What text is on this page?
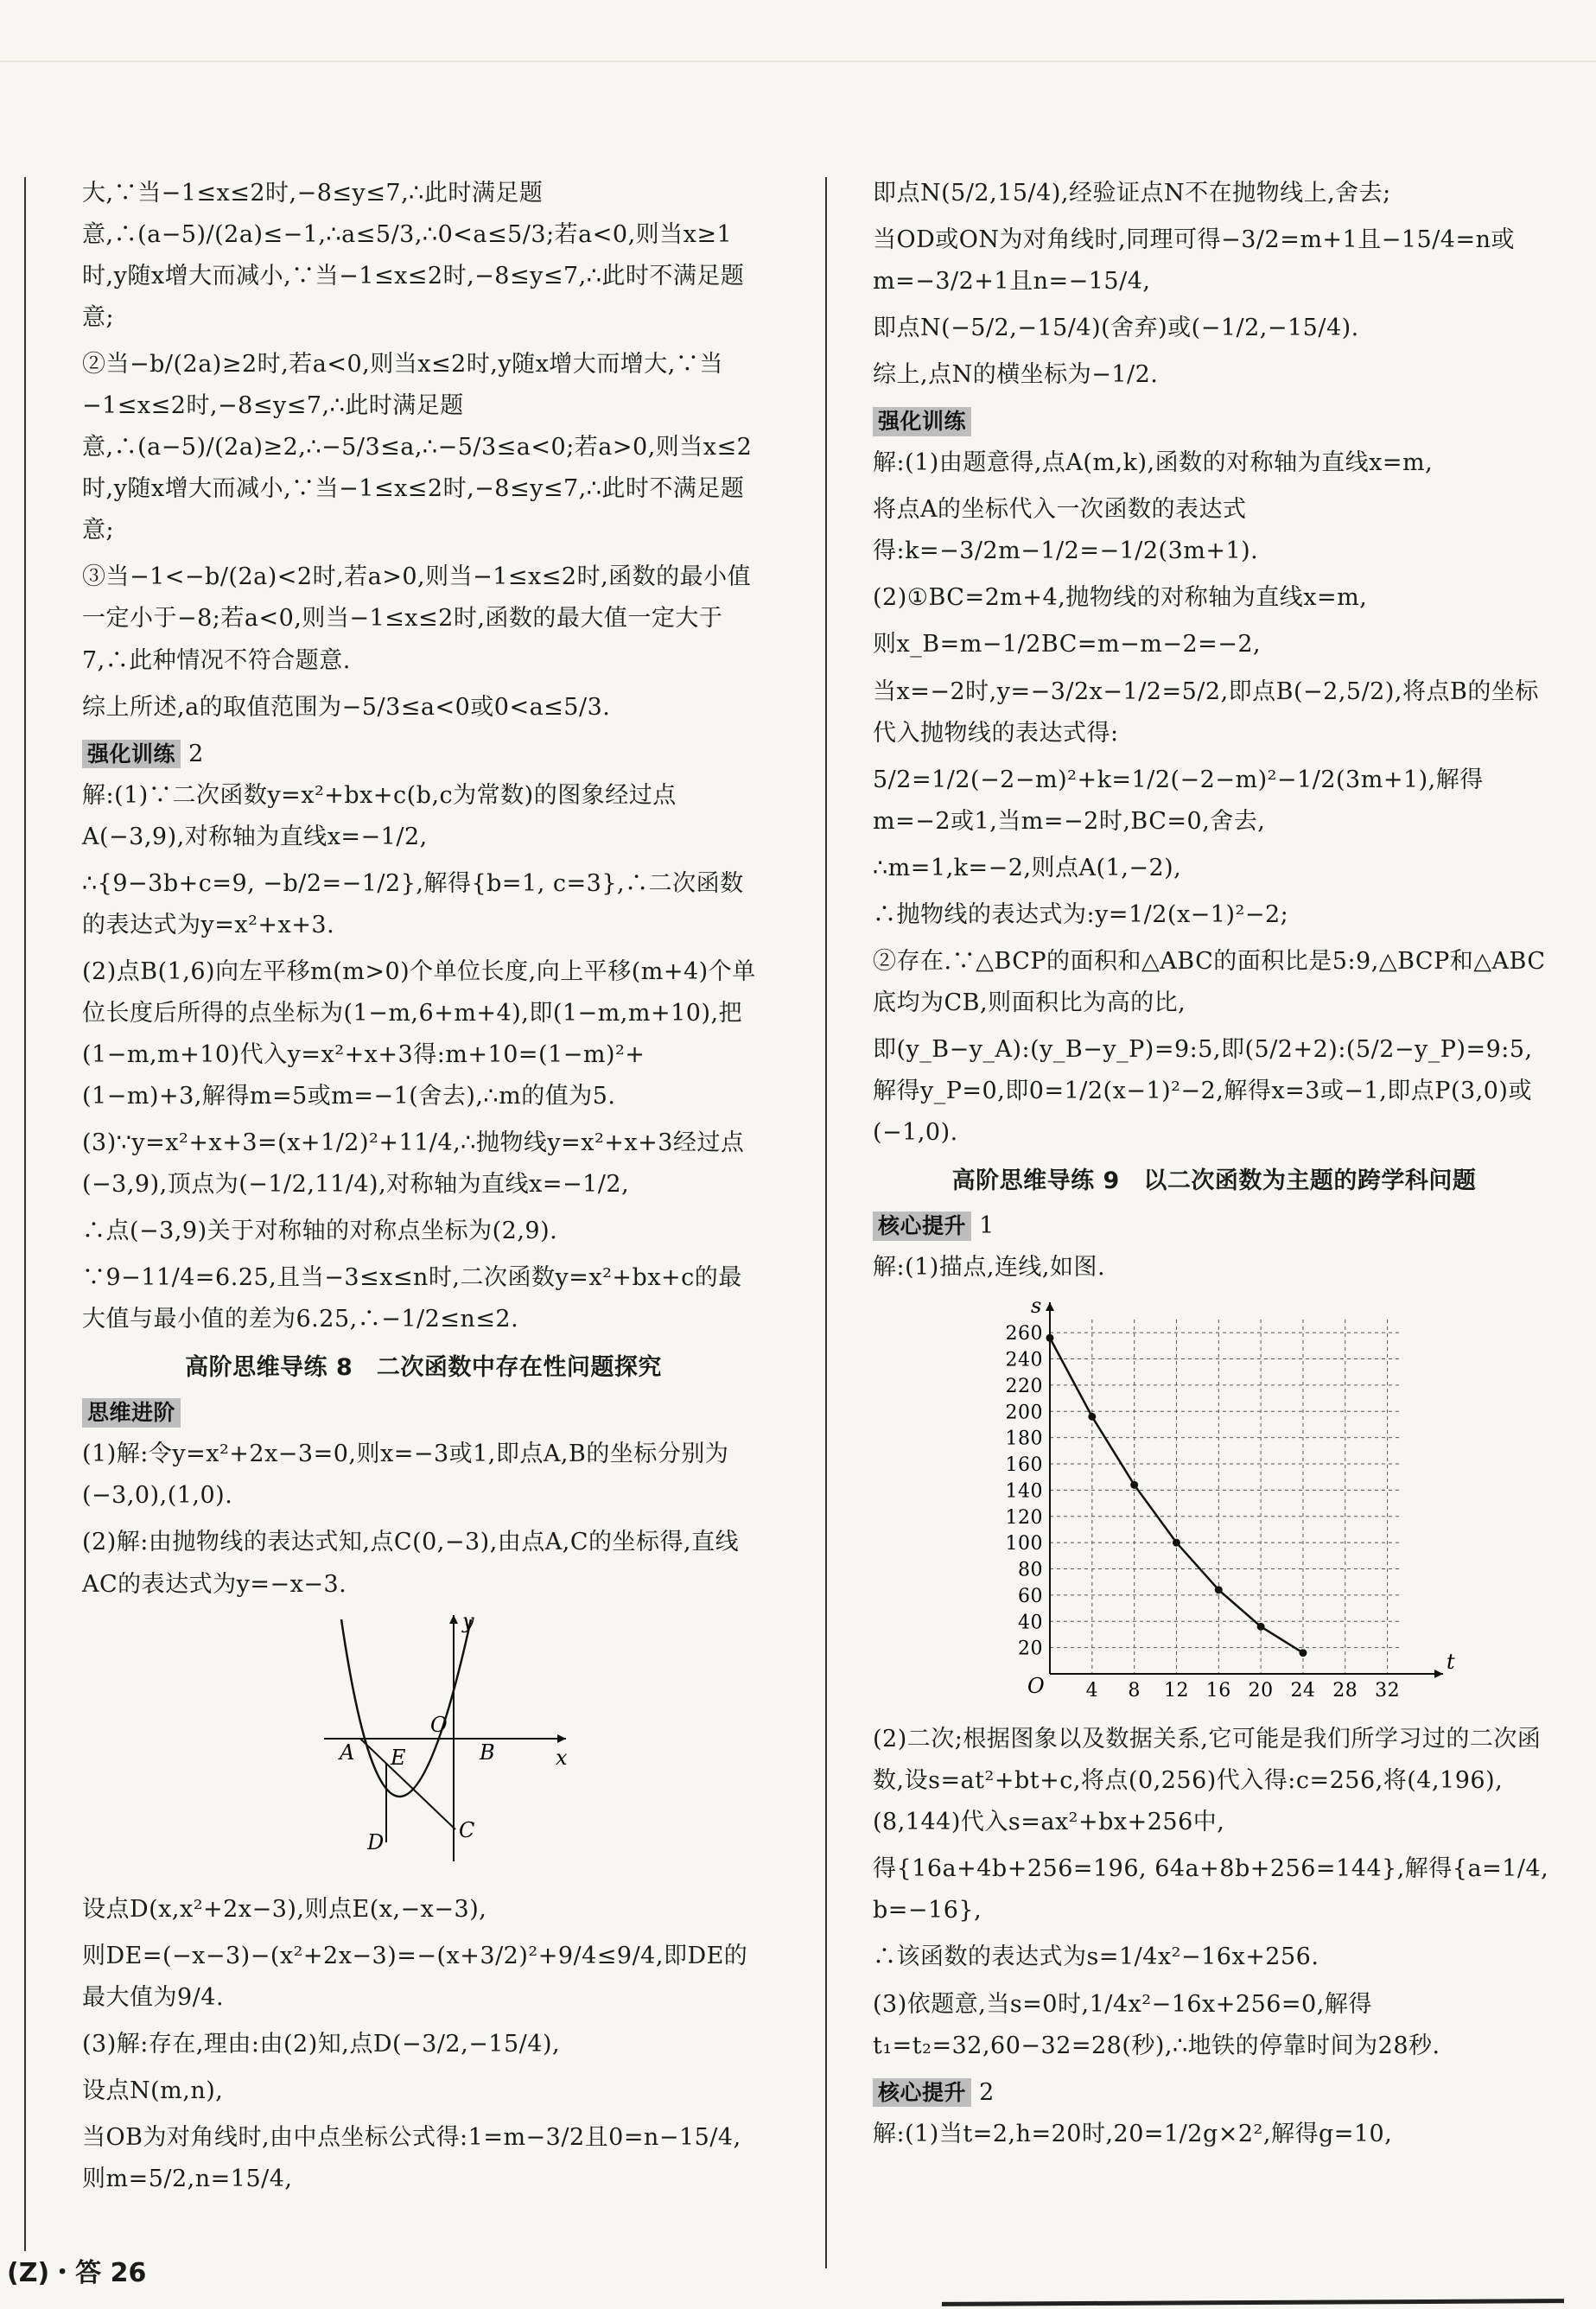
大,∵当−1≤x≤2时,−8≤y≤7,∴此时满足题意,∴(a−5)/(2a)≤−1,∴a≤5/3,∴0<a≤5/3;若a<0,则当x≥1时,y随x增大而减小,∵当−1≤x≤2时,−8≤y≤7,∴此时不满足题意;

②当−b/(2a)≥2时,若a<0,则当x≤2时,y随x增大而增大,∵当−1≤x≤2时,−8≤y≤7,∴此时满足题意,∴(a−5)/(2a)≥2,∴−5/3≤a,∴−5/3≤a<0;若a>0,则当x≤2时,y随x增大而减小,∵当−1≤x≤2时,−8≤y≤7,∴此时不满足题意;

③当−1<−b/(2a)<2时,若a>0,则当−1≤x≤2时,函数的最小值一定小于−8;若a<0,则当−1≤x≤2时,函数的最大值一定大于7,∴此种情况不符合题意.

综上所述,a的取值范围为−5/3≤a<0或0<a≤5/3.

强化训练 2

解:(1)∵二次函数y=x²+bx+c(b,c为常数)的图象经过点A(−3,9),对称轴为直线x=−1/2,

∴{9−3b+c=9, −b/2=−1/2},解得{b=1, c=3},∴二次函数的表达式为y=x²+x+3.

(2)点B(1,6)向左平移m(m>0)个单位长度,向上平移(m+4)个单位长度后所得的点坐标为(1−m,6+m+4),即(1−m,m+10),把(1−m,m+10)代入y=x²+x+3得:m+10=(1−m)²+(1−m)+3,解得m=5或m=−1(舍去),∴m的值为5.

(3)∵y=x²+x+3=(x+1/2)²+11/4,∴抛物线y=x²+x+3经过点(−3,9),顶点为(−1/2,11/4),对称轴为直线x=−1/2,

∴点(−3,9)关于对称轴的对称点坐标为(2,9).

∵9−11/4=6.25,且当−3≤x≤n时,二次函数y=x²+bx+c的最大值与最小值的差为6.25,∴−1/2≤n≤2.

高阶思维导练 8　二次函数中存在性问题探究
思维进阶

(1)解:令y=x²+2x−3=0,则x=−3或1,即点A,B的坐标分别为(−3,0),(1,0).

(2)解:由抛物线的表达式知,点C(0,−3),由点A,C的坐标得,直线AC的表达式为y=−x−3.

y
x
O
A	B
E
D	C

设点D(x,x²+2x−3),则点E(x,−x−3),

则DE=(−x−3)−(x²+2x−3)=−(x+3/2)²+9/4≤9/4,即DE的最大值为9/4.

(3)解:存在,理由:由(2)知,点D(−3/2,−15/4),

设点N(m,n),

当OB为对角线时,由中点坐标公式得:1=m−3/2且0=n−15/4,则m=5/2,n=15/4,

即点N(5/2,15/4),经验证点N不在抛物线上,舍去;

当OD或ON为对角线时,同理可得−3/2=m+1且−15/4=n或m=−3/2+1且n=−15/4,

即点N(−5/2,−15/4)(舍弃)或(−1/2,−15/4).

综上,点N的横坐标为−1/2.

强化训练

解:(1)由题意得,点A(m,k),函数的对称轴为直线x=m,

将点A的坐标代入一次函数的表达式得:k=−3/2m−1/2=−1/2(3m+1).

(2)①BC=2m+4,抛物线的对称轴为直线x=m,

则x_B=m−1/2BC=m−m−2=−2,

当x=−2时,y=−3/2x−1/2=5/2,即点B(−2,5/2),将点B的坐标代入抛物线的表达式得:

5/2=1/2(−2−m)²+k=1/2(−2−m)²−1/2(3m+1),解得m=−2或1,当m=−2时,BC=0,舍去,

∴m=1,k=−2,则点A(1,−2),

∴抛物线的表达式为:y=1/2(x−1)²−2;

②存在.∵△BCP的面积和△ABC的面积比是5:9,△BCP和△ABC底均为CB,则面积比为高的比,

即(y_B−y_A):(y_B−y_P)=9:5,即(5/2+2):(5/2−y_P)=9:5,解得y_P=0,即0=1/2(x−1)²−2,解得x=3或−1,即点P(3,0)或(−1,0).

高阶思维导练 9　以二次函数为主题的跨学科问题
核心提升 1

解:(1)描点,连线,如图.

s
t
O
20
40
60
80
100
120
140
160
180
200
220
240
260
4 8 12 16 20 24 28 32

(2)二次;根据图象以及数据关系,它可能是我们所学习过的二次函数,设s=at²+bt+c,将点(0,256)代入得:c=256,将(4,196),(8,144)代入s=ax²+bx+256中,

得{16a+4b+256=196, 64a+8b+256=144},解得{a=1/4, b=−16},

∴该函数的表达式为s=1/4x²−16x+256.

(3)依题意,当s=0时,1/4x²−16x+256=0,解得t₁=t₂=32,60−32=28(秒),∴地铁的停靠时间为28秒.

核心提升 2

解:(1)当t=2,h=20时,20=1/2g×2²,解得g=10,

(Z)・答 26
